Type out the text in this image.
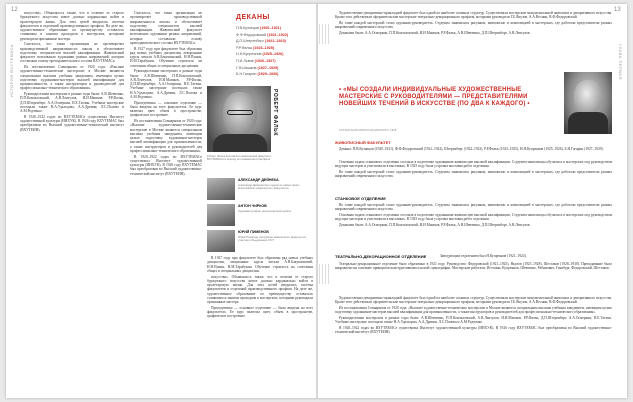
12
ИСТОРИЯ ВХУТЕМАСА

искусства». Объявлялось также, что в отличие от старого буржуазного искусства новое должно кардинально войти в пролетарскую жизнь. Для этих целей вводилась система факультетов и отделений производственного профиля. На деле же, художественное образование по преимуществу оставалось станковым и занятия проходили в мастерских, которыми руководили признанные мастера.

Считалось, что такая организация не противоречит производственной направленности школы и обеспечивает подготовку специалистов высшей квалификации. Живописный факультет возглавляли художники разных направлений, которые составляли основу преподавательского состава ВХУТЕМАСа.

Из постановления Совнаркома от 1920 года: «Высшие художественно-технические мастерские в Москве являются специальным высшим учебным заведением, имеющим целью подготовку художников-мастеров высшей квалификации для промышленности, а также инструкторов и руководителей для профессионально-технического образования».

Руководителями мастерских в разные годы были: А.В.Шевченко, П.П.Кончаловский, А.В.Лентулов, И.И.Машков, Р.Р.Фальк, Д.П.Штеренберг, А.А.Осмеркин, В.Е.Татлин. Учебные мастерские посещали также Н.А.Удальцова, А.А.Древин, Л.С.Попова и А.М.Родченко.

В 1920–1922 годах во ВХУТЕМАСе существовал Институт художественной культуры (ИНХУК). В 1926 году ВХУТЕМАС был преобразован во Высший художественно-технический институт (ВХУТЕИН).

Считалось, что такая организация не противоречит производственной направленности школы и обеспечивает подготовку специалистов высшей квалификации. Живописный факультет возглавляли художники разных направлений, которые составляли основу преподавательского состава ВХУТЕМАСа.

В 1927 году при факультете был образован ряд новых учебных дисциплин, лекционные курсы читали А.В.Бакушинский, Н.Н.Пунин, Н.М.Тарабукин. Обучение строилось на сочетании общих и специальных дисциплин.

Руководителями мастерских в разные годы были: А.В.Шевченко, П.П.Кончаловский, А.В.Лентулов, И.И.Машков, Р.Р.Фальк, Д.П.Штеренберг, А.А.Осмеркин, В.Е.Татлин. Учебные мастерские посещали также Н.А.Удальцова, А.А.Древин, Л.С.Попова и А.М.Родченко.

Пропедевтика — основное отделение — была введена на всех факультетах. Ее курс включал цвет, объем в пространстве, графическое построение.

Из постановления Совнаркома от 1920 года: «Высшие художественно-технические мастерские в Москве являются специальным высшим учебным заведением, имеющим целью подготовку художников-мастеров высшей квалификации для промышленности, а также инструкторов и руководителей для профессионально-технического образования».

В 1920–1922 годах во ВХУТЕМАСе существовал Институт художественной культуры (ИНХУК). В 1926 году ВХУТЕМАС был преобразован во Высший художественно-технический институт (ВХУТЕИН).

ДЕКАНЫ
П.В.Кузнецов (1920–1921)
Ф.Ф.Федоровский (1921–1922)
Д.П.Штеренберг (1922–1923)
Р.Р.Фальк (1923–1925)
Н.Н.Купреянов (1925–1926)
П.И.Львов (1926–1927)
Г.Ф.Шишков (1927–1929)
Б.Н.Гагарин (1929–1930)
РОБЕРТ ФАЛЬК
Роберт Фальк возглавлял живописный факультет ВХУТЕМАСа в период его наивысшего расцвета
АЛЕКСАНДР ДЕЙНЕКА
Александр Дейнека был одним из самых ярких выпускников графического факультета
АНТОН ЧИРКОВ
Художник-график, выпускник мастерских
ЮРИЙ ПИМЕНОВ
Юрий Пименов, выпускник живописного факультета, участник объединения ОСТ

В 1927 году при факультете был образован ряд новых учебных дисциплин, лекционные курсы читали А.В.Бакушинский, Н.Н.Пунин, Н.М.Тарабукин. Обучение строилось на сочетании общих и специальных дисциплин.

искусства». Объявлялось также, что в отличие от старого буржуазного искусства новое должно кардинально войти в пролетарскую жизнь. Для этих целей вводилась система факультетов и отделений производственного профиля. На деле же, художественное образование по преимуществу оставалось станковым и занятия проходили в мастерских, которыми руководили признанные мастера.

Пропедевтика — основное отделение — была введена на всех факультетах. Ее курс включал цвет, объем в пространстве, графическое построение.

13
ГЛАВА ПЕРВАЯ

Художественно-декоративно-прикладной факультет был одной из наиболее сложных структур. Существовали мастерские монументальной живописи и декоративного искусства. Кроме того действовали оформительские мастерские театрально-декорационного профиля, которыми руководили Г.Б.Якулов, А.А.Веснин, В.Ф.Федоровский.

Во главе каждой мастерской стоял художник-руководитель. Студенты занимались рисунком, живописью и композицией в мастерских, где работали представители разных направлений современного искусства.

Деканами были: А.А.Осмеркин, П.П.Кончаловский, И.И.Машков, Р.Р.Фальк, А.В.Шевченко, Д.П.Штеренберг, А.В.Лентулов.

• «МЫ СОЗДАЛИ ИНДИВИДУАЛЬНЫЕ ХУДОЖЕСТВЕННЫЕ МАСТЕРСКИЕ С РУКОВОДИТЕЛЯМИ — ПРЕДСТАВИТЕЛЯМИ НОВЕЙШИХ ТЕЧЕНИЙ В ИСКУССТВЕ (ПО ДВА К КАЖДОГО) •
СТАТЬЯ АНАТОЛИЯ ЛУНАЧАРСКОГО, 1918
ЖИВОПИСНЫЙ ФАКУЛЬТЕТ

Деканы: П.В.Кузнецов (1920–1921), Ф.Ф.Федоровский (1921–1922), Штеренберг (1922–1923), Р.Р.Фальк (1923–1925), Н.Н.Купреянов (1925–1926), Б.Н.Гагарин (1927–1929).

Основная задача станкового отделения состояла в подготовке художников-живописцев высокой квалификации. Студенты-живописцы обучались в мастерских под руководством ведущих мастеров и участвовали в выставках. В 1925 году была устроена выставка работ отделения.

Во главе каждой мастерской стоял художник-руководитель. Студенты занимались рисунком, живописью и композицией в мастерских, где работали представители разных направлений современного искусства.

СТАНКОВОЕ ОТДЕЛЕНИЕ

Во главе каждой мастерской стоял художник-руководитель. Студенты занимались рисунком, живописью и композицией в мастерских, где работали представители разных направлений современного искусства.

Основная задача станкового отделения состояла в подготовке художников-живописцев высокой квалификации. Студенты-живописцы обучались в мастерских под руководством ведущих мастеров и участвовали в выставках. В 1925 году была устроена выставка работ отделения.

Деканами были: А.А.Осмеркин, П.П.Кончаловский, И.И.Машков, Р.Р.Фальк, А.В.Шевченко, Д.П.Штеренберг, А.В.Лентулов.

ТЕАТРАЛЬНО-ДЕКОРАЦИОННОЕ ОТДЕЛЕНИЕ	Заведующим отделением был Н.Купреянов (1921–1924).

Театрально-декорационное отделение было образовано в 1921 году. Руководство: Федоровский (1921–1925), Якулов (1925–1928), Шестаков (1928–1930). Преподавание было направлено на освоение принципов конструктивизма и новой сценографии. Мастерские работали: Истомин, Купреянов, Шевченко, Рабинович, Гинзбург, Федоровский, Шестаков.

Художественно-декоративно-прикладной факультет был одной из наиболее сложных структур. Существовали мастерские монументальной живописи и декоративного искусства. Кроме того действовали оформительские мастерские театрально-декорационного профиля, которыми руководили Г.Б.Якулов, А.А.Веснин, В.Ф.Федоровский.

Из постановления Совнаркома от 1920 года: «Высшие художественно-технические мастерские в Москве являются специальным высшим учебным заведением, имеющим целью подготовку художников-мастеров высшей квалификации для промышленности, а также инструкторов и руководителей для профессионально-технического образования».

Руководителями мастерских в разные годы были: А.В.Шевченко, П.П.Кончаловский, А.В.Лентулов, И.И.Машков, Р.Р.Фальк, Д.П.Штеренберг, А.А.Осмеркин, В.Е.Татлин. Учебные мастерские посещали также Н.А.Удальцова, А.А.Древин, Л.С.Попова и А.М.Родченко.

В 1920–1922 годах во ВХУТЕМАСе существовал Институт художественной культуры (ИНХУК). В 1926 году ВХУТЕМАС был преобразован во Высший художественно-технический институт (ВХУТЕИН).
